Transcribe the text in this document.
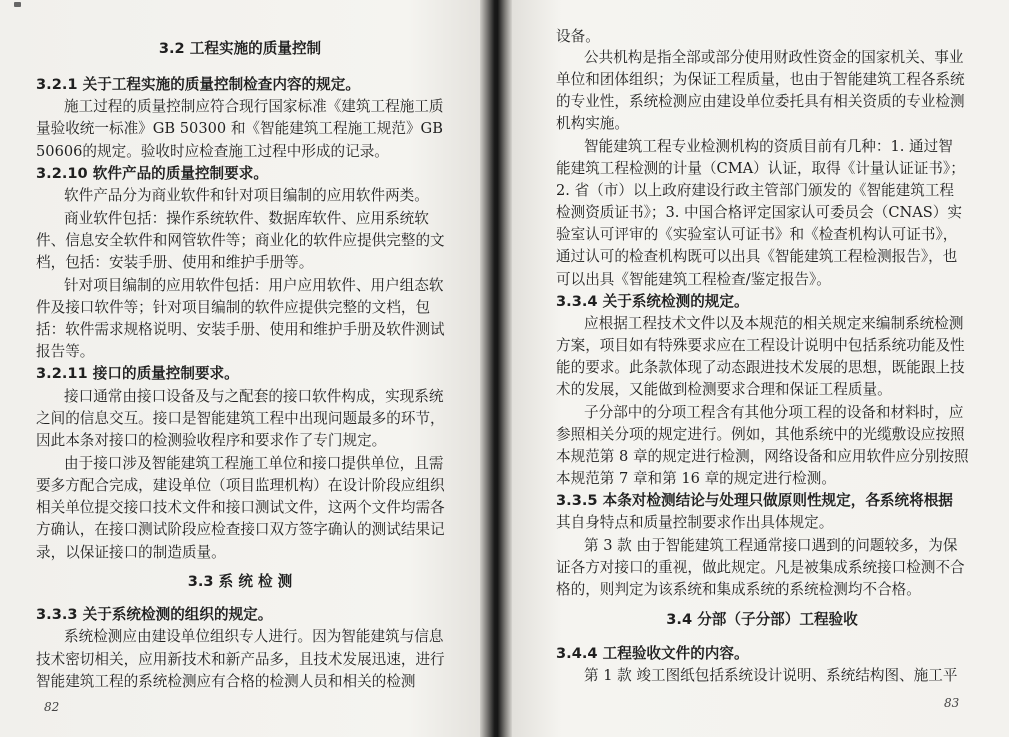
3.2 工程实施的质量控制
3.2.1 关于工程实施的质量控制检查内容的规定。
施工过程的质量控制应符合现行国家标准《建筑工程施工质
量验收统一标准》GB 50300 和《智能建筑工程施工规范》GB
50606的规定。验收时应检查施工过程中形成的记录。
3.2.10 软件产品的质量控制要求。
软件产品分为商业软件和针对项目编制的应用软件两类。
商业软件包括：操作系统软件、数据库软件、应用系统软
件、信息安全软件和网管软件等；商业化的软件应提供完整的文
档，包括：安装手册、使用和维护手册等。
针对项目编制的应用软件包括：用户应用软件、用户组态软
件及接口软件等；针对项目编制的软件应提供完整的文档，包
括：软件需求规格说明、安装手册、使用和维护手册及软件测试
报告等。
3.2.11 接口的质量控制要求。
接口通常由接口设备及与之配套的接口软件构成，实现系统
之间的信息交互。接口是智能建筑工程中出现问题最多的环节，
因此本条对接口的检测验收程序和要求作了专门规定。
由于接口涉及智能建筑工程施工单位和接口提供单位，且需
要多方配合完成，建设单位（项目监理机构）在设计阶段应组织
相关单位提交接口技术文件和接口测试文件，这两个文件均需各
方确认，在接口测试阶段应检查接口双方签字确认的测试结果记
录，以保证接口的制造质量。
3.3 系 统 检 测
3.3.3 关于系统检测的组织的规定。
系统检测应由建设单位组织专人进行。因为智能建筑与信息
技术密切相关，应用新技术和新产品多，且技术发展迅速，进行
智能建筑工程的系统检测应有合格的检测人员和相关的检测
82
设备。
公共机构是指全部或部分使用财政性资金的国家机关、事业
单位和团体组织；为保证工程质量，也由于智能建筑工程各系统
的专业性，系统检测应由建设单位委托具有相关资质的专业检测
机构实施。
智能建筑工程专业检测机构的资质目前有几种：1. 通过智
能建筑工程检测的计量（CMA）认证，取得《计量认证证书》；
2. 省（市）以上政府建设行政主管部门颁发的《智能建筑工程
检测资质证书》；3. 中国合格评定国家认可委员会（CNAS）实
验室认可评审的《实验室认可证书》和《检查机构认可证书》，
通过认可的检查机构既可以出具《智能建筑工程检测报告》，也
可以出具《智能建筑工程检查/鉴定报告》。
3.3.4 关于系统检测的规定。
应根据工程技术文件以及本规范的相关规定来编制系统检测
方案，项目如有特殊要求应在工程设计说明中包括系统功能及性
能的要求。此条款体现了动态跟进技术发展的思想，既能跟上技
术的发展，又能做到检测要求合理和保证工程质量。
子分部中的分项工程含有其他分项工程的设备和材料时，应
参照相关分项的规定进行。例如，其他系统中的光缆敷设应按照
本规范第 8 章的规定进行检测，网络设备和应用软件应分别按照
本规范第 7 章和第 16 章的规定进行检测。
3.3.5 本条对检测结论与处理只做原则性规定，各系统将根据
其自身特点和质量控制要求作出具体规定。
第 3 款 由于智能建筑工程通常接口遇到的问题较多，为保
证各方对接口的重视，做此规定。凡是被集成系统接口检测不合
格的，则判定为该系统和集成系统的系统检测均不合格。
3.4 分部（子分部）工程验收
3.4.4 工程验收文件的内容。
第 1 款 竣工图纸包括系统设计说明、系统结构图、施工平
83
